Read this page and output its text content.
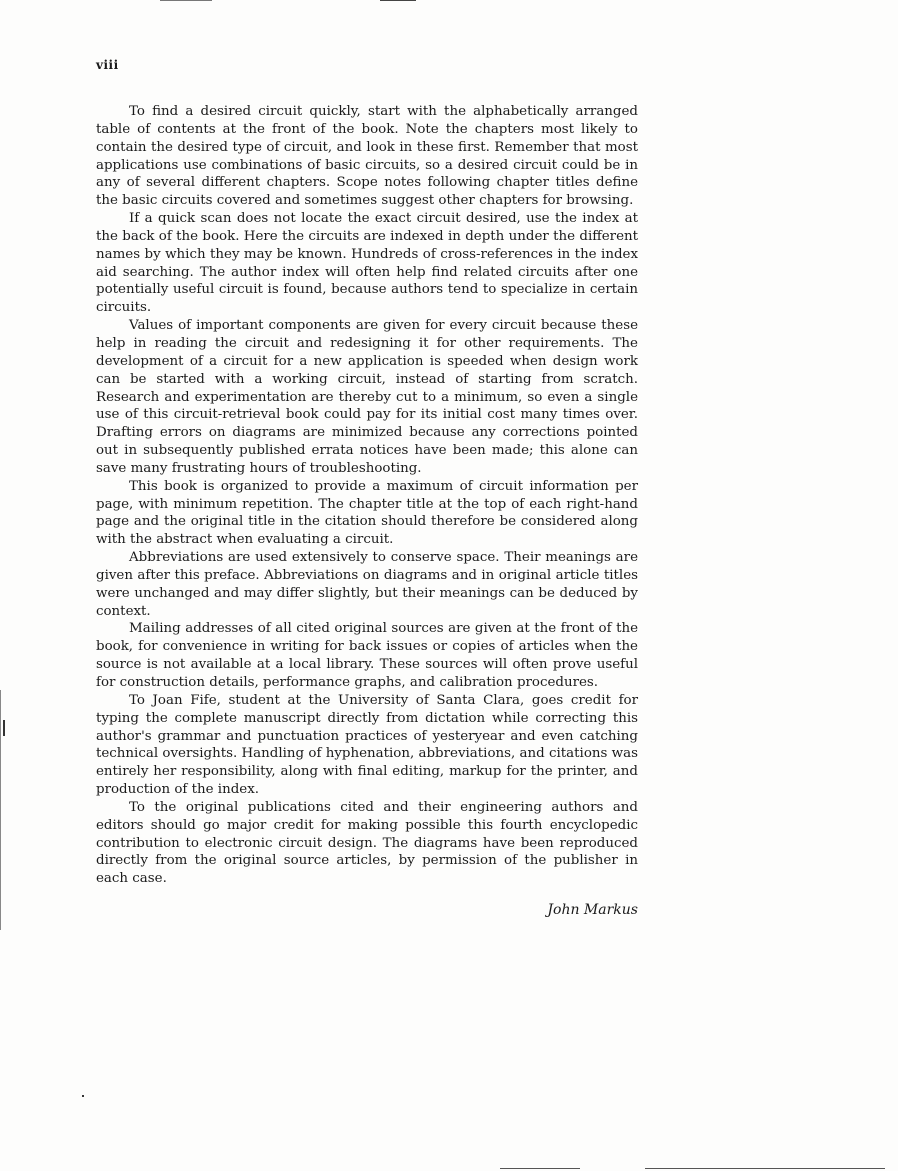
viii

To find a desired circuit quickly, start with the alphabetically arranged table of contents at the front of the book. Note the chapters most likely to contain the desired type of circuit, and look in these first. Remember that most applications use combinations of basic circuits, so a desired circuit could be in any of several different chapters. Scope notes following chapter titles define the basic circuits covered and sometimes suggest other chapters for browsing.

If a quick scan does not locate the exact circuit desired, use the index at the back of the book. Here the circuits are indexed in depth under the different names by which they may be known. Hundreds of cross-references in the index aid searching. The author index will often help find related circuits after one potentially useful circuit is found, because authors tend to specialize in certain circuits.

Values of important components are given for every circuit because these help in reading the circuit and redesigning it for other requirements. The development of a circuit for a new application is speeded when design work can be started with a working circuit, instead of starting from scratch. Research and experimentation are thereby cut to a minimum, so even a single use of this circuit-retrieval book could pay for its initial cost many times over. Drafting errors on diagrams are minimized because any corrections pointed out in subsequently published errata notices have been made; this alone can save many frustrating hours of troubleshooting.

This book is organized to provide a maximum of circuit information per page, with minimum repetition. The chapter title at the top of each right-hand page and the original title in the citation should therefore be considered along with the abstract when evaluating a circuit.

Abbreviations are used extensively to conserve space. Their meanings are given after this preface. Abbreviations on diagrams and in original article titles were unchanged and may differ slightly, but their meanings can be deduced by context.

Mailing addresses of all cited original sources are given at the front of the book, for convenience in writing for back issues or copies of articles when the source is not available at a local library. These sources will often prove useful for construction details, performance graphs, and calibration procedures.

To Joan Fife, student at the University of Santa Clara, goes credit for typing the complete manuscript directly from dictation while correcting this author's grammar and punctuation practices of yesteryear and even catching technical oversights. Handling of hyphenation, abbreviations, and citations was entirely her responsibility, along with final editing, markup for the printer, and production of the index.

To the original publications cited and their engineering authors and editors should go major credit for making possible this fourth encyclopedic contribution to electronic circuit design. The diagrams have been reproduced directly from the original source articles, by permission of the publisher in each case.

John Markus
